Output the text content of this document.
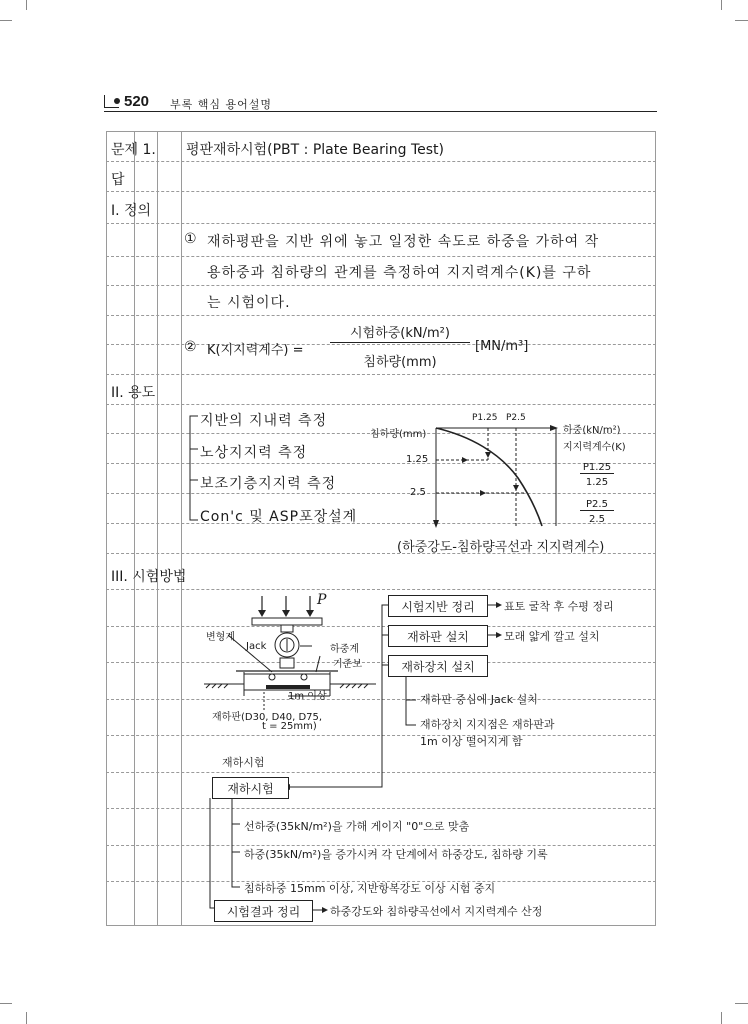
520 부록 핵심 용어설명
문제 1. 평판재하시험(PBT : Plate Bearing Test)
답
I. 정의
① 재하평판을 지반 위에 놓고 일정한 속도로 하중을 가하여 작
용하중과 침하량의 관계를 측정하여 지지력계수(K)를 구하
는 시험이다.
② K(지지력계수) =
시험하중(kN/m²)
침하량(mm)
[MN/m³]
II. 용도
지반의 지내력 측정
노상지지력 측정
보조기층지지력 측정
Con'c 및 ASP포장설계
침하량(mm)
P1.25 P2.5
하중(kN/m²)
1.25
2.5
지지력계수(K)
P1.25
1.25
P2.5
2.5
(하중강도-침하량곡선과 지지력계수)
III. 시험방법
P
변형계
Jack	하중계
기준보
1m 이상
재하판(D30, D40, D75,
t = 25mm)
시험지반 정리	표토 굴착 후 수평 정리
재하판 설치	모래 얇게 깔고 설치
재하장치 설치
재하판 중심에 Jack 설치
재하장치 지지점은 재하판과
1m 이상 떨어지게 함
재하시험
재하시험
선하중(35kN/m²)을 가해 게이지 "0"으로 맞춤
하중(35kN/m²)을 증가시켜 각 단계에서 하중강도, 침하량 기록
침하하중 15mm 이상, 지반항복강도 이상 시험 중지
시험결과 정리	하중강도와 침하량곡선에서 지지력계수 산정
